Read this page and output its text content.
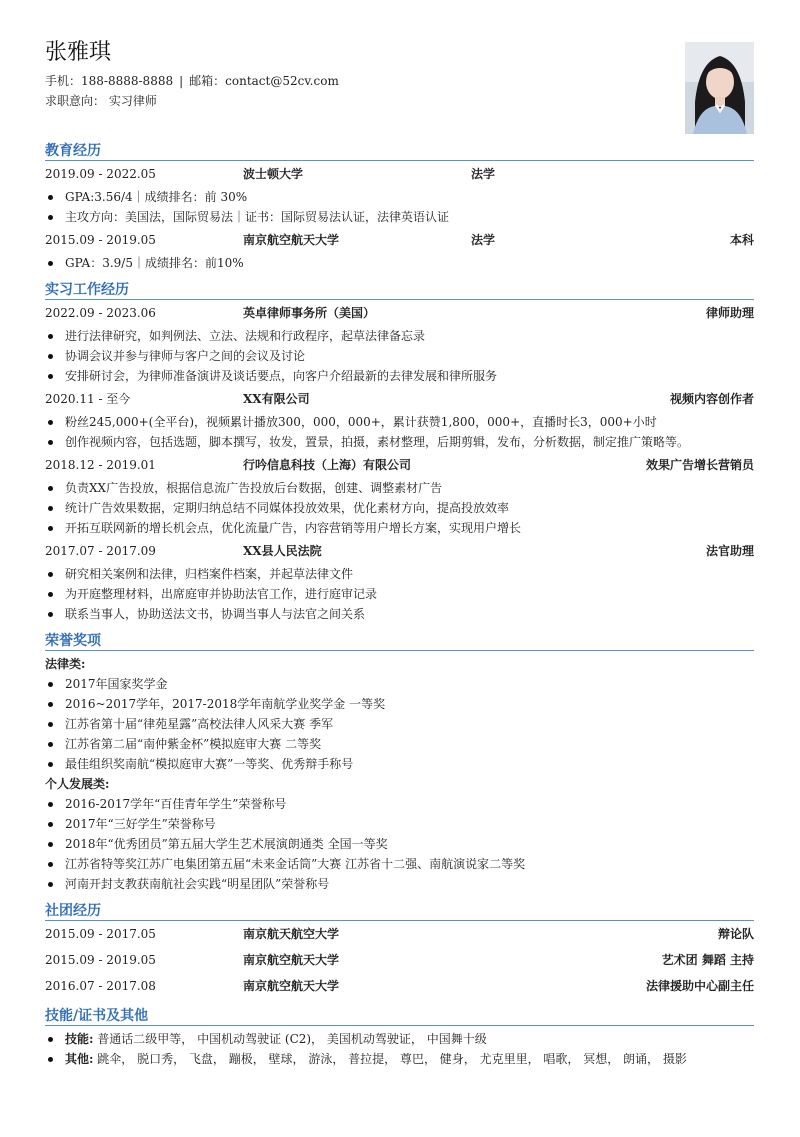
张雅琪
手机：188-8888-8888 | 邮箱：contact@52cv.com
求职意向： 实习律师
教育经历
2019.09 - 2022.05	波士顿大学	法学
GPA:3.56/4｜成绩排名：前 30%
主攻方向：美国法，国际贸易法｜证书：国际贸易法认证，法律英语认证
2015.09 - 2019.05	南京航空航天大学	法学	本科
GPA：3.9/5｜成绩排名：前10%
实习工作经历
2022.09 - 2023.06	英卓律师事务所（美国）	律师助理
进行法律研究，如判例法、立法、法规和行政程序，起草法律备忘录
协调会议并参与律师与客户之间的会议及讨论
安排研讨会，为律师准备演讲及谈话要点，向客户介绍最新的去律发展和律所服务
2020.11 - 至今	XX有限公司	视频内容创作者
粉丝245,000+(全平台)，视频累计播放300，000，000+，累计获赞1,800，000+，直播时长3，000+小时
创作视频内容，包括选题，脚本撰写，妆发，置景，拍摄，素材整理，后期剪辑，发布，分析数据，制定推广策略等。
2018.12 - 2019.01	行吟信息科技（上海）有限公司	效果广告增长营销员
负责XX广告投放，根据信息流广告投放后台数据，创建、调整素材广告
统计广告效果数据，定期归纳总结不同媒体投放效果，优化素材方向，提高投放效率
开拓互联网新的增长机会点，优化流量广告，内容营销等用户增长方案，实现用户增长
2017.07 - 2017.09	XX县人民法院	法官助理
研究相关案例和法律，归档案件档案，并起草法律文件
为开庭整理材料，出席庭审并协助法官工作，进行庭审记录
联系当事人，协助送法文书，协调当事人与法官之间关系
荣誉奖项
法律类:
2017年国家奖学金
2016~2017学年，2017-2018学年南航学业奖学金 一等奖
江苏省第十届“律苑星露”高校法律人风采大赛 季军
江苏省第二届“南仲紫金杯”模拟庭审大赛 二等奖
最佳组织奖南航“模拟庭审大赛”一等奖、优秀辩手称号
个人发展类:
2016-2017学年“百佳青年学生”荣誉称号
2017年“三好学生”荣誉称号
2018年“优秀团员”第五届大学生艺术展演朗通类 全国一等奖
江苏省特等奖江苏广电集团第五届“未来金话筒”大赛 江苏省十二强、南航演说家二等奖
河南开封支教获南航社会实践“明星团队”荣誉称号
社团经历
2015.09 - 2017.05	南京航天航空大学	辩论队
2015.09 - 2019.05	南京航空航天大学	艺术团 舞蹈 主持
2016.07 - 2017.08	南京航空航天大学	法律援助中心副主任
技能/证书及其他
技能: 普通话二级甲等， 中国机动驾驶证 (C2)， 美国机动驾驶证， 中国舞十级
其他: 跳伞， 脱口秀， 飞盘， 蹦极， 壁球， 游泳， 普拉提， 尊巴， 健身， 尤克里里， 唱歌， 冥想， 朗诵， 摄影
